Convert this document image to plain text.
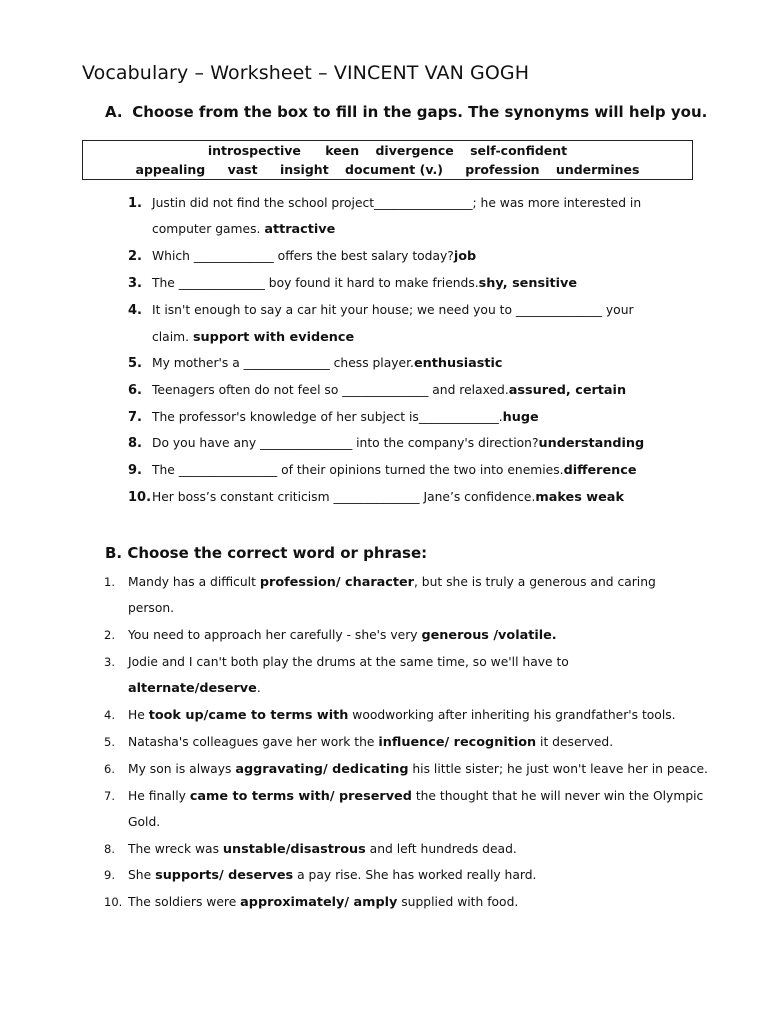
Vocabulary – Worksheet – VINCENT VAN GOGH
A. Choose from the box to fill in the gaps. The synonyms will help you.
introspective keen divergence self-confident
appealing vast insight document (v.) profession undermines
1. Justin did not find the school project________________; he was more interested in
computer games. attractive
2.Which _____________ offers the best salary today?job
3. The ______________ boy found it hard to make friends.shy, sensitive
4.It isn't enough to say a car hit your house; we need you to ______________ your
claim. support with evidence
5. My mother's a ______________ chess player.enthusiastic
6. Teenagers often do not feel so ______________ and relaxed.assured, certain
7. The professor's knowledge of her subject is_____________.huge
8. Do you have any _______________ into the company's direction?understanding
9. The ________________ of their opinions turned the two into enemies.difference
10.Her boss’s constant criticism ______________ Jane’s confidence.makes weak
B. Choose the correct word or phrase:
1. Mandy has a difficult profession/ character, but she is truly a generous and caring
person.
2. You need to approach her carefully - she's very generous /volatile.
3. Jodie and I can't both play the drums at the same time, so we'll have to
alternate/deserve.
4. He took up/came to terms with woodworking after inheriting his grandfather's tools.
5. Natasha's colleagues gave her work the influence/ recognition it deserved.
6. My son is always aggravating/ dedicating his little sister; he just won't leave her in peace.
7. He finally came to terms with/ preserved the thought that he will never win the Olympic
Gold.
8. The wreck was unstable/disastrous and left hundreds dead.
9. She supports/ deserves a pay rise. She has worked really hard.
10. The soldiers were approximately/ amply supplied with food.
